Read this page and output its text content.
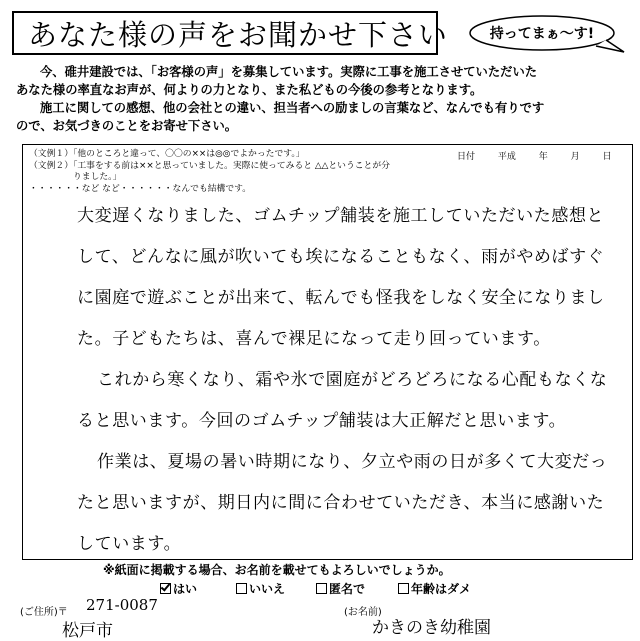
あなた様の声をお聞かせ下さい	持ってまぁ～す!
今、碓井建設では、「お客様の声」を募集しています。実際に工事を施工させていただいた
あなた様の率直なお声が、何よりの力となり、また私どもの今後の参考となります。
施工に関しての感想、他の会社との違い、担当者への励ましの言葉など、なんでも有りです
ので、お気づきのことをお寄せ下さい。
（文例１）「他のところと違って、〇〇の××は◎◎でよかったです。」
（文例２）「工事をする前は××と思っていました。実際に使ってみると △△ということが分
　　　　　りました。」
・・・・・・など など・・・・・・なんでも結構です。
日付	平成	年	月	日
大変遅くなりました、ゴムチップ舗装を施工していただいた感想と
して、どんなに風が吹いても埃になることもなく、雨がやめばすぐ
に園庭で遊ぶことが出来て、転んでも怪我をしなく安全になりまし
た。子どもたちは、喜んで裸足になって走り回っています。
これから寒くなり、霜や氷で園庭がどろどろになる心配もなくな
ると思います。今回のゴムチップ舗装は大正解だと思います。
作業は、夏場の暑い時期になり、夕立や雨の日が多くて大変だっ
たと思いますが、期日内に間に合わせていただき、本当に感謝いた
しています。
※紙面に掲載する場合、お名前を載せてもよろしいでしょうか。
はい	いいえ	匿名で	年齢はダメ
(ご住所)〒 271-0087
松戸市
(お名前)
かきのき幼稚園
